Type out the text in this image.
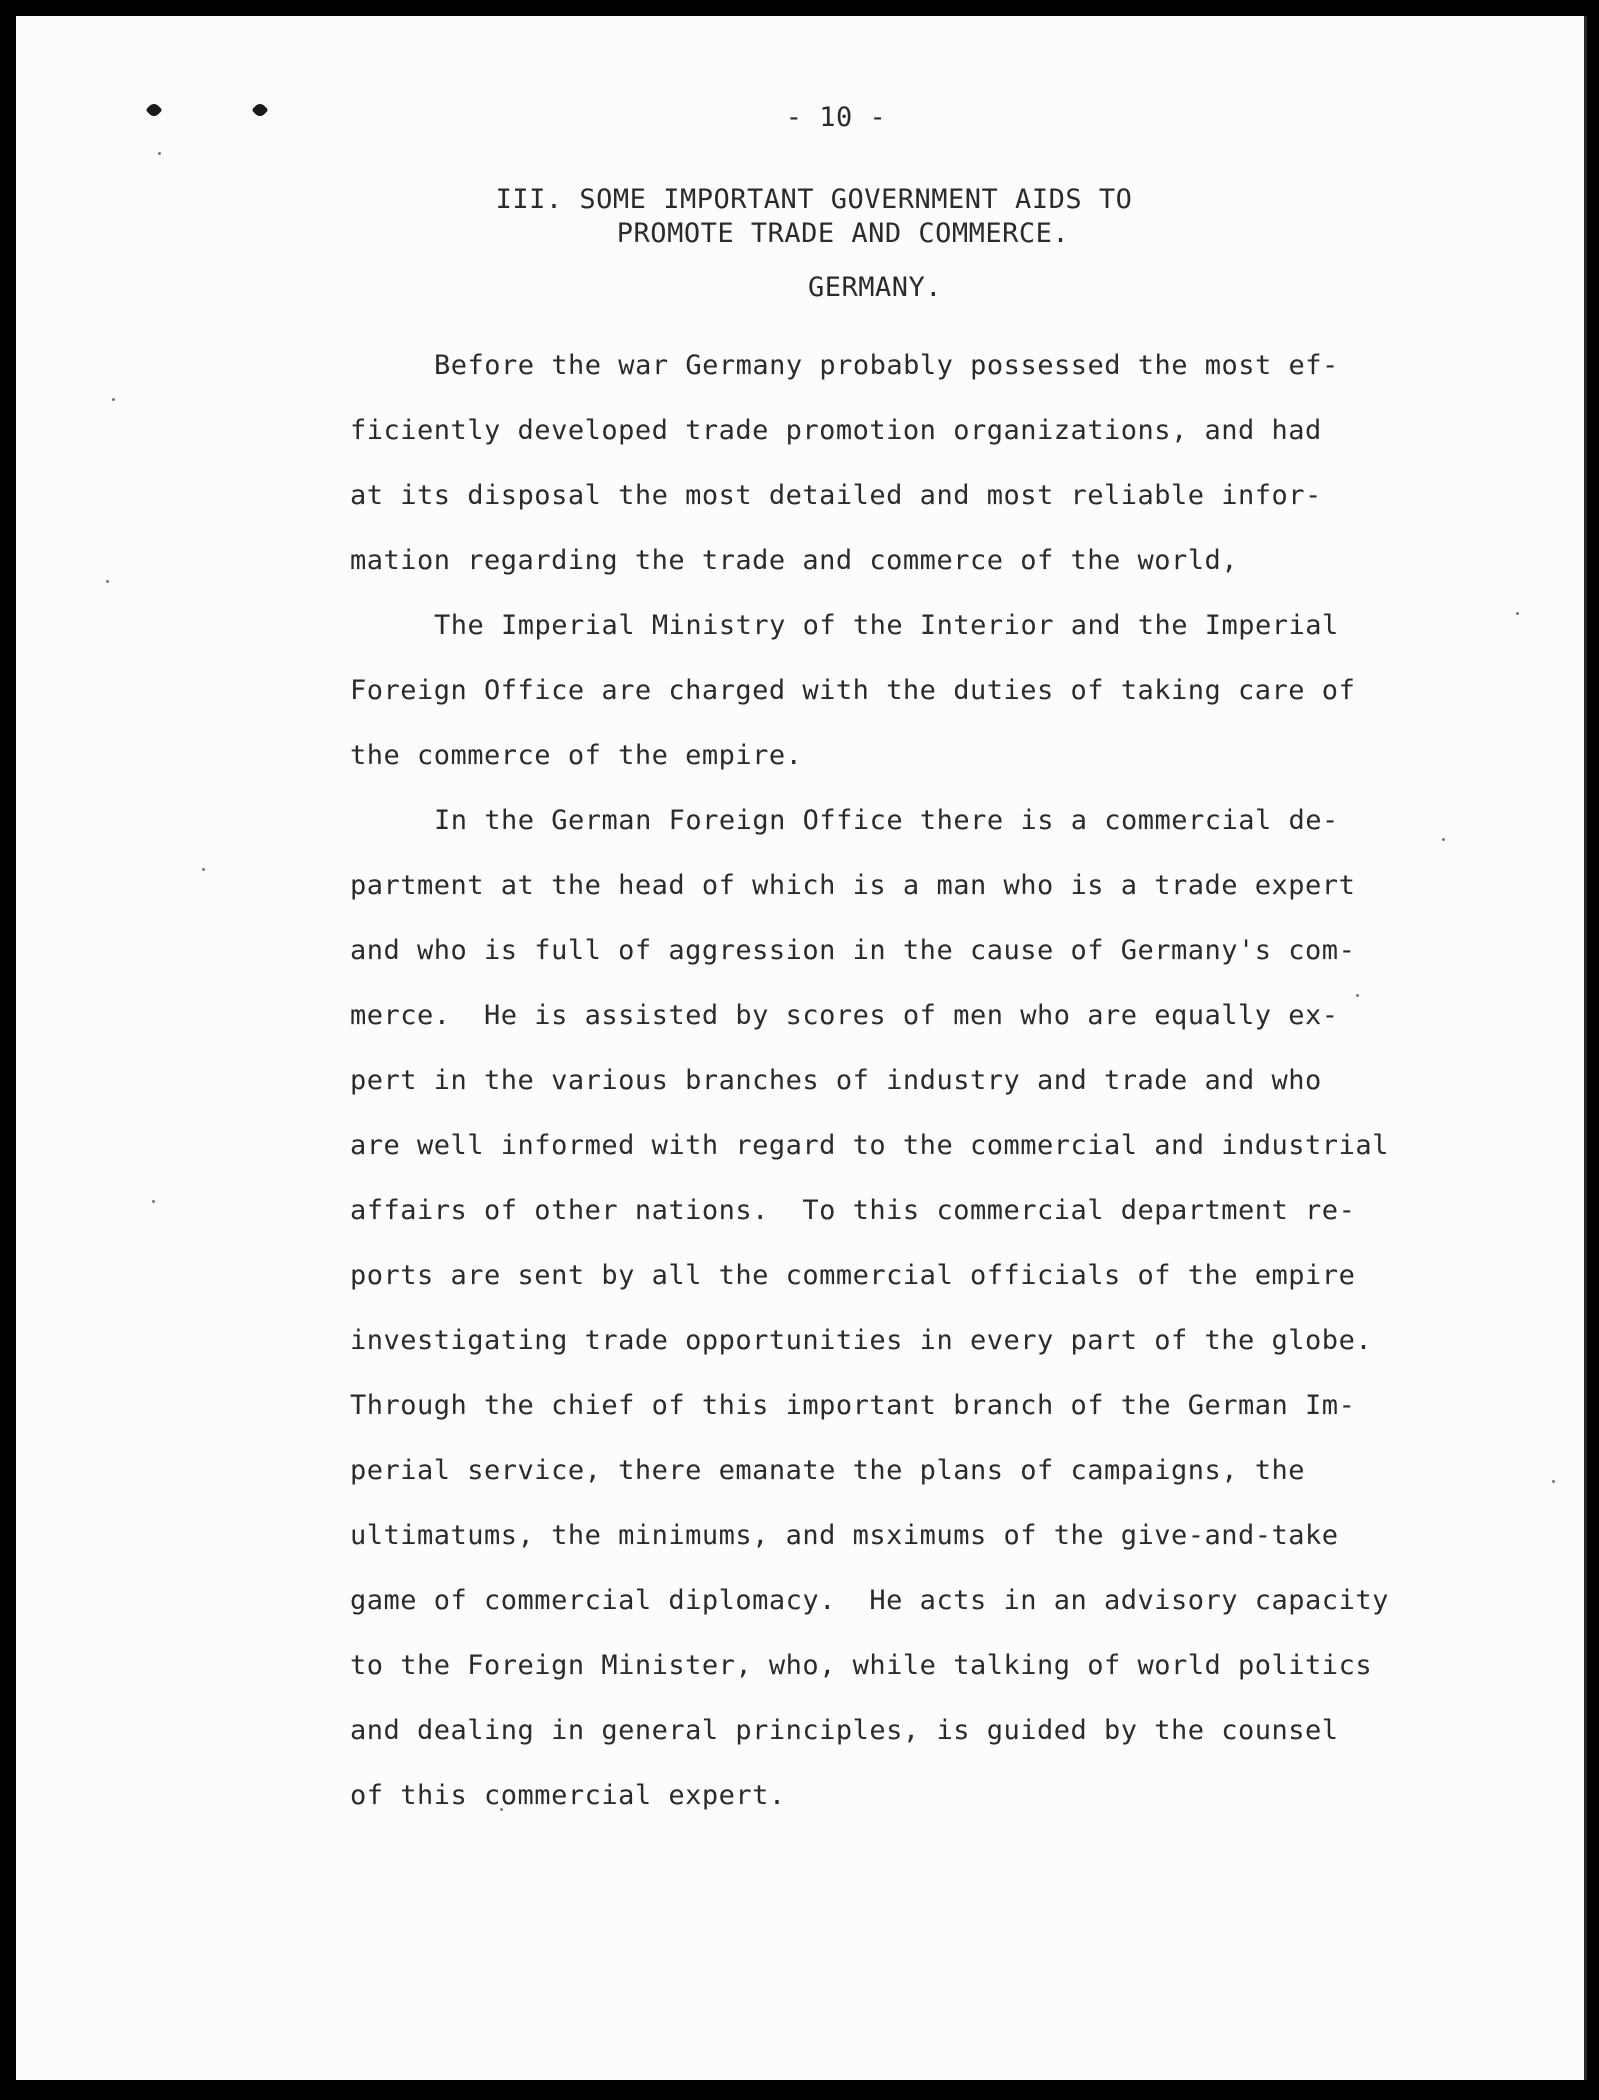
- 10 -
III. SOME IMPORTANT GOVERNMENT AIDS TO
PROMOTE TRADE AND COMMERCE.
GERMANY.
Before the war Germany probably possessed the most ef-
ficiently developed trade promotion organizations, and had
at its disposal the most detailed and most reliable infor-
mation regarding the trade and commerce of the world,
The Imperial Ministry of the Interior and the Imperial
Foreign Office are charged with the duties of taking care of
the commerce of the empire.
In the German Foreign Office there is a commercial de-
partment at the head of which is a man who is a trade expert
and who is full of aggression in the cause of Germany's com-
merce.  He is assisted by scores of men who are equally ex-
pert in the various branches of industry and trade and who
are well informed with regard to the commercial and industrial
affairs of other nations.  To this commercial department re-
ports are sent by all the commercial officials of the empire
investigating trade opportunities in every part of the globe.
Through the chief of this important branch of the German Im-
perial service, there emanate the plans of campaigns, the
ultimatums, the minimums, and msximums of the give-and-take
game of commercial diplomacy.  He acts in an advisory capacity
to the Foreign Minister, who, while talking of world politics
and dealing in general principles, is guided by the counsel
of this commercial expert.
